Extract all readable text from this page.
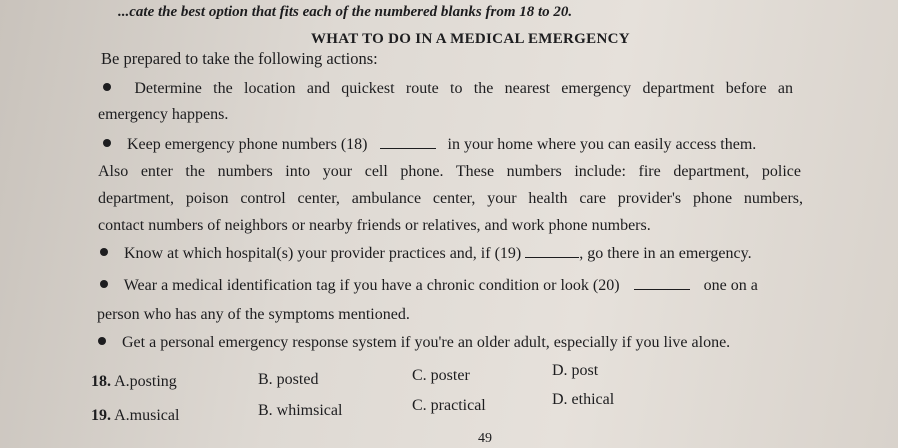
...cate the best option that fits each of the numbered blanks from 18 to 20.
WHAT TO DO IN A MEDICAL EMERGENCY
Be prepared to take the following actions:
Determine the location and quickest route to the nearest emergency department before an
emergency happens.
Keep emergency phone numbers (18)	in your home where you can easily access them.
Also enter the numbers into your cell phone. These numbers include: fire department, police
department, poison control center, ambulance center, your health care provider's phone numbers,
contact numbers of neighbors or nearby friends or relatives, and work phone numbers.
Know at which hospital(s) your provider practices and, if (19)	, go there in an emergency.
Wear a medical identification tag if you have a chronic condition or look (20)	one on a
person who has any of the symptoms mentioned.
Get a personal emergency response system if you're an older adult, especially if you live alone.
18. A.posting	B. posted	C. poster	D. post
19. A.musical	B. whimsical	C. practical	D. ethical
49
